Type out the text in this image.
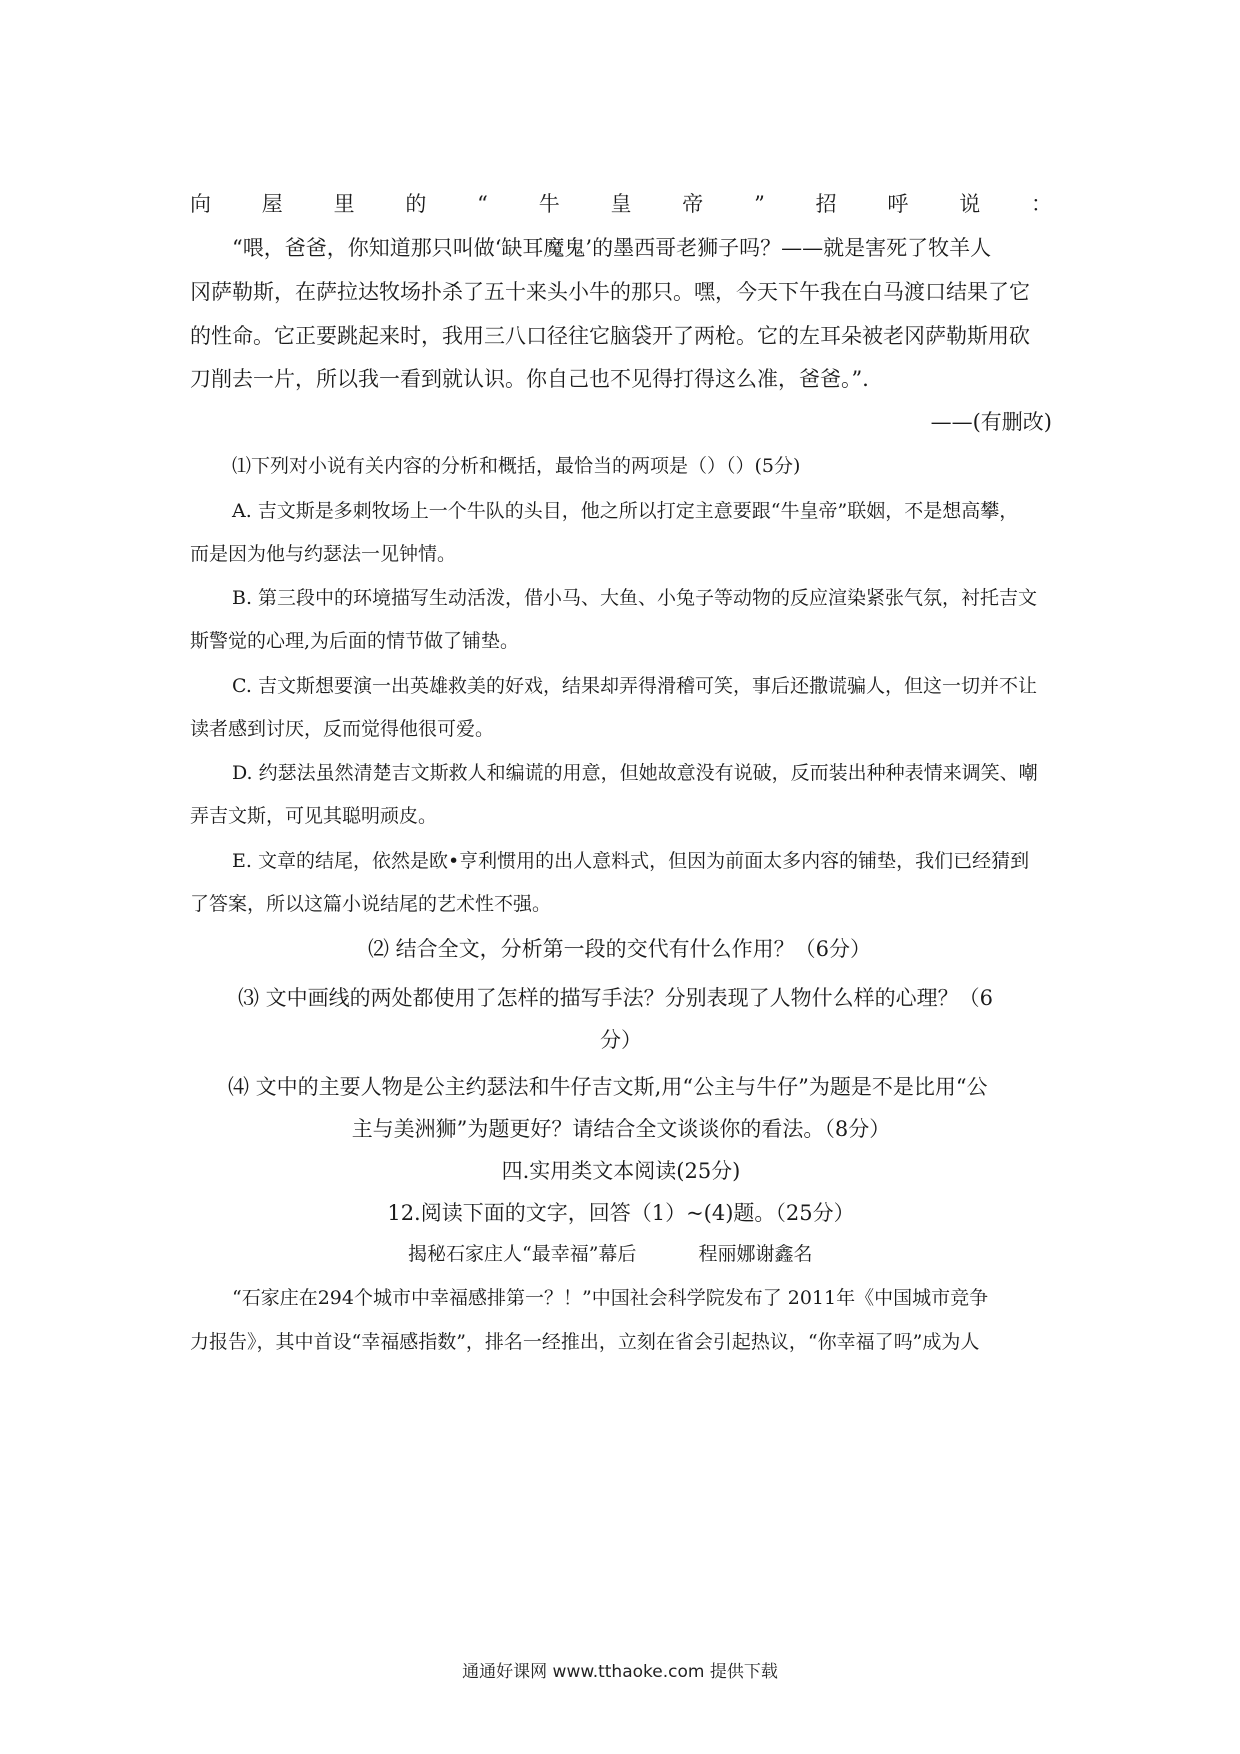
向屋里的“牛皇帝”招呼说：

“喂，爸爸，你知道那只叫做‘缺耳魔鬼’的墨西哥老狮子吗？——就是害死了牧羊人

冈萨勒斯，在萨拉达牧场扑杀了五十来头小牛的那只。嘿，今天下午我在白马渡口结果了它

的性命。它正要跳起来时，我用三八口径往它脑袋开了两枪。它的左耳朵被老冈萨勒斯用砍

刀削去一片，所以我一看到就认识。你自己也不见得打得这么准，爸爸。”．

——(有删改)

⑴下列对小说有关内容的分析和概括，最恰当的两项是（）（）(5分)

A. 吉文斯是多刺牧场上一个牛队的头目，他之所以打定主意要跟“牛皇帝”联姻，不是想高攀，

而是因为他与约瑟法一见钟情。

B. 第三段中的环境描写生动活泼，借小马、大鱼、小兔子等动物的反应渲染紧张气氛，衬托吉文

斯警觉的心理,为后面的情节做了铺垫。

C. 吉文斯想要演一出英雄救美的好戏，结果却弄得滑稽可笑，事后还撒谎骗人，但这一切并不让

读者感到讨厌，反而觉得他很可爱。

D. 约瑟法虽然清楚吉文斯救人和编谎的用意，但她故意没有说破，反而装出种种表情来调笑、嘲

弄吉文斯，可见其聪明顽皮。

E. 文章的结尾，依然是欧•亨利惯用的出人意料式，但因为前面太多内容的铺垫，我们已经猜到

了答案，所以这篇小说结尾的艺术性不强。

⑵ 结合全文，分析第一段的交代有什么作用？（6分）

⑶ 文中画线的两处都使用了怎样的描写手法？分别表现了人物什么样的心理？（6

分）

⑷ 文中的主要人物是公主约瑟法和牛仔吉文斯,用“公主与牛仔”为题是不是比用“公

主与美洲狮”为题更好？请结合全文谈谈你的看法。（8分）

四.实用类文本阅读(25分)

12.阅读下面的文字，回答（1）~(4)题。（25分）

揭秘石家庄人“最幸福”幕后	程丽娜谢鑫名

“石家庄在294个城市中幸福感排第一？！”中国社会科学院发布了 2011年《中国城市竞争

力报告》，其中首设“幸福感指数”，排名一经推出，立刻在省会引起热议，“你幸福了吗”成为人

通通好课网 www.tthaoke.com 提供下载
